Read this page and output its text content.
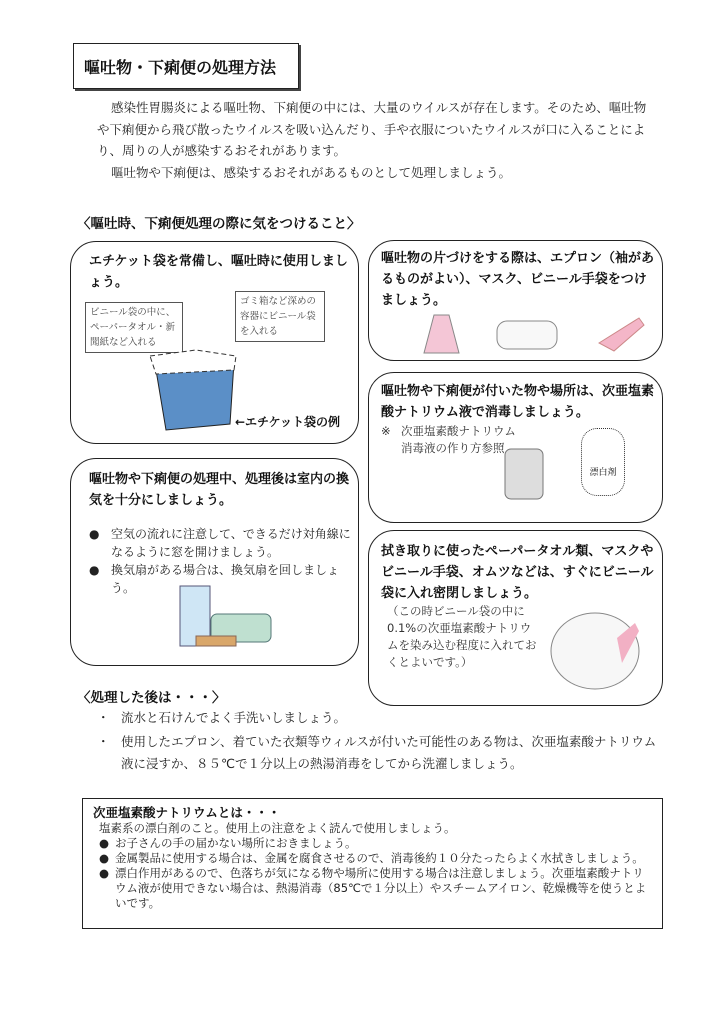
嘔吐物・下痢便の処理方法

感染性胃腸炎による嘔吐物、下痢便の中には、大量のウイルスが存在します。そのため、嘔吐物や下痢便から飛び散ったウイルスを吸い込んだり、手や衣服についたウイルスが口に入ることにより、周りの人が感染するおそれがあります。

嘔吐物や下痢便は、感染するおそれがあるものとして処理しましょう。

〈嘔吐時、下痢便処理の際に気をつけること〉
エチケット袋を常備し、嘔吐時に使用しましょう。
ビニール袋の中に、ペーパータオル・新聞紙など入れる
ゴミ箱など深めの容器にビニール袋を入れる
←エチケット袋の例
嘔吐物の片づけをする際は、エプロン（袖があるものがよい）、マスク、ビニール手袋をつけましょう。
嘔吐物や下痢便が付いた物や場所は、次亜塩素酸ナトリウム液で消毒しましょう。
※ 次亜塩素酸ナトリウム消毒液の作り方参照
漂白剤
嘔吐物や下痢便の処理中、処理後は室内の換気を十分にしましょう。
● 空気の流れに注意して、できるだけ対角線になるように窓を開けましょう。
● 換気扇がある場合は、換気扇を回しましょう。
拭き取りに使ったペーパータオル類、マスクやビニール手袋、オムツなどは、すぐにビニール袋に入れ密閉しましょう。
（この時ビニール袋の中に0.1%の次亜塩素酸ナトリウムを染み込む程度に入れておくとよいです。）
〈処理した後は・・・〉
・ 流水と石けんでよく手洗いしましょう。
・ 使用したエプロン、着ていた衣類等ウィルスが付いた可能性のある物は、次亜塩素酸ナトリウム液に浸すか、８５℃で１分以上の熱湯消毒をしてから洗濯しましょう。
次亜塩素酸ナトリウムとは・・・
塩素系の漂白剤のこと。使用上の注意をよく読んで使用しましょう。
● お子さんの手の届かない場所におきましょう。
● 金属製品に使用する場合は、金属を腐食させるので、消毒後約１０分たったらよく水拭きしましょう。
● 漂白作用があるので、色落ちが気になる物や場所に使用する場合は注意しましょう。次亜塩素酸ナトリウム液が使用できない場合は、熱湯消毒（85℃で１分以上）やスチームアイロン、乾燥機等を使うとよいです。
